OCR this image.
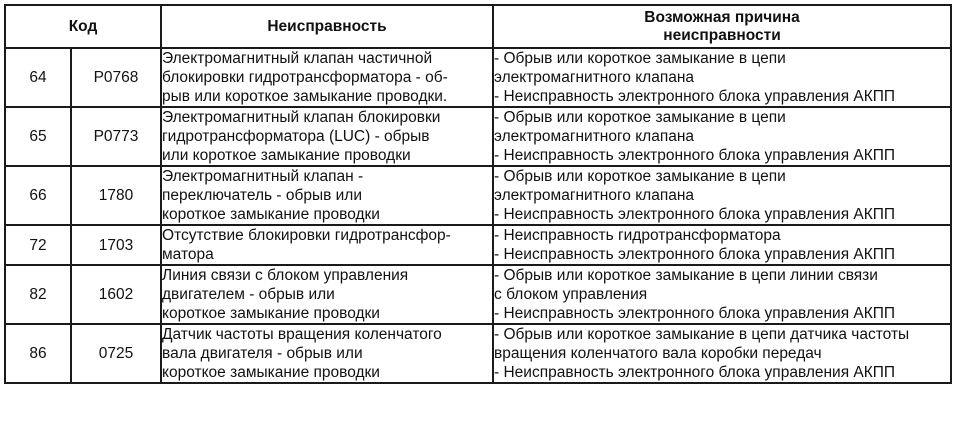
Код		Неисправность	Возможная причина
неисправности

64	P0768	Электромагнитный клапан частичной
блокировки гидротрансформатора - об-
рыв или короткое замыкание проводки.	- Обрыв или короткое замыкание в цепи
электромагнитного клапана
- Неисправность электронного блока управления АКПП

65	P0773	Электромагнитный клапан блокировки
гидротрансформатора (LUC) - обрыв
или короткое замыкание проводки	- Обрыв или короткое замыкание в цепи
электромагнитного клапана
- Неисправность электронного блока управления АКПП

66	1780	Электромагнитный клапан -
переключатель - обрыв или
короткое замыкание проводки	- Обрыв или короткое замыкание в цепи
электромагнитного клапана
- Неисправность электронного блока управления АКПП

72	1703	Отсутствие блокировки гидротрансфор-
матора	- Неисправность гидротрансформатора
- Неисправность электронного блока управления АКПП

82	1602	Линия связи с блоком управления
двигателем - обрыв или
короткое замыкание проводки	- Обрыв или короткое замыкание в цепи линии связи
с блоком управления
- Неисправность электронного блока управления АКПП

86	0725	Датчик частоты вращения коленчатого
вала двигателя - обрыв или
короткое замыкание проводки	- Обрыв или короткое замыкание в цепи датчика частоты
вращения коленчатого вала коробки передач
- Неисправность электронного блока управления АКПП
